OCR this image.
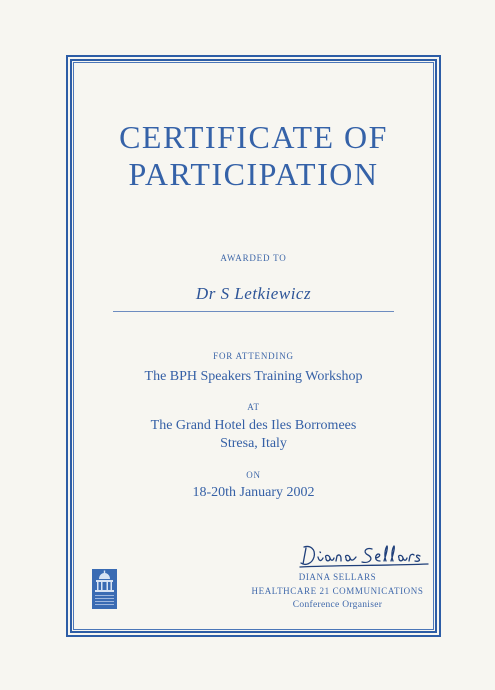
CERTIFICATE OF
PARTICIPATION
AWARDED TO
Dr S Letkiewicz
FOR ATTENDING
The BPH Speakers Training Workshop
AT
The Grand Hotel des Iles Borromees
Stresa, Italy
ON
18-20th January 2002
DIANA SELLARS
HEALTHCARE 21 COMMUNICATIONS
Conference Organiser
